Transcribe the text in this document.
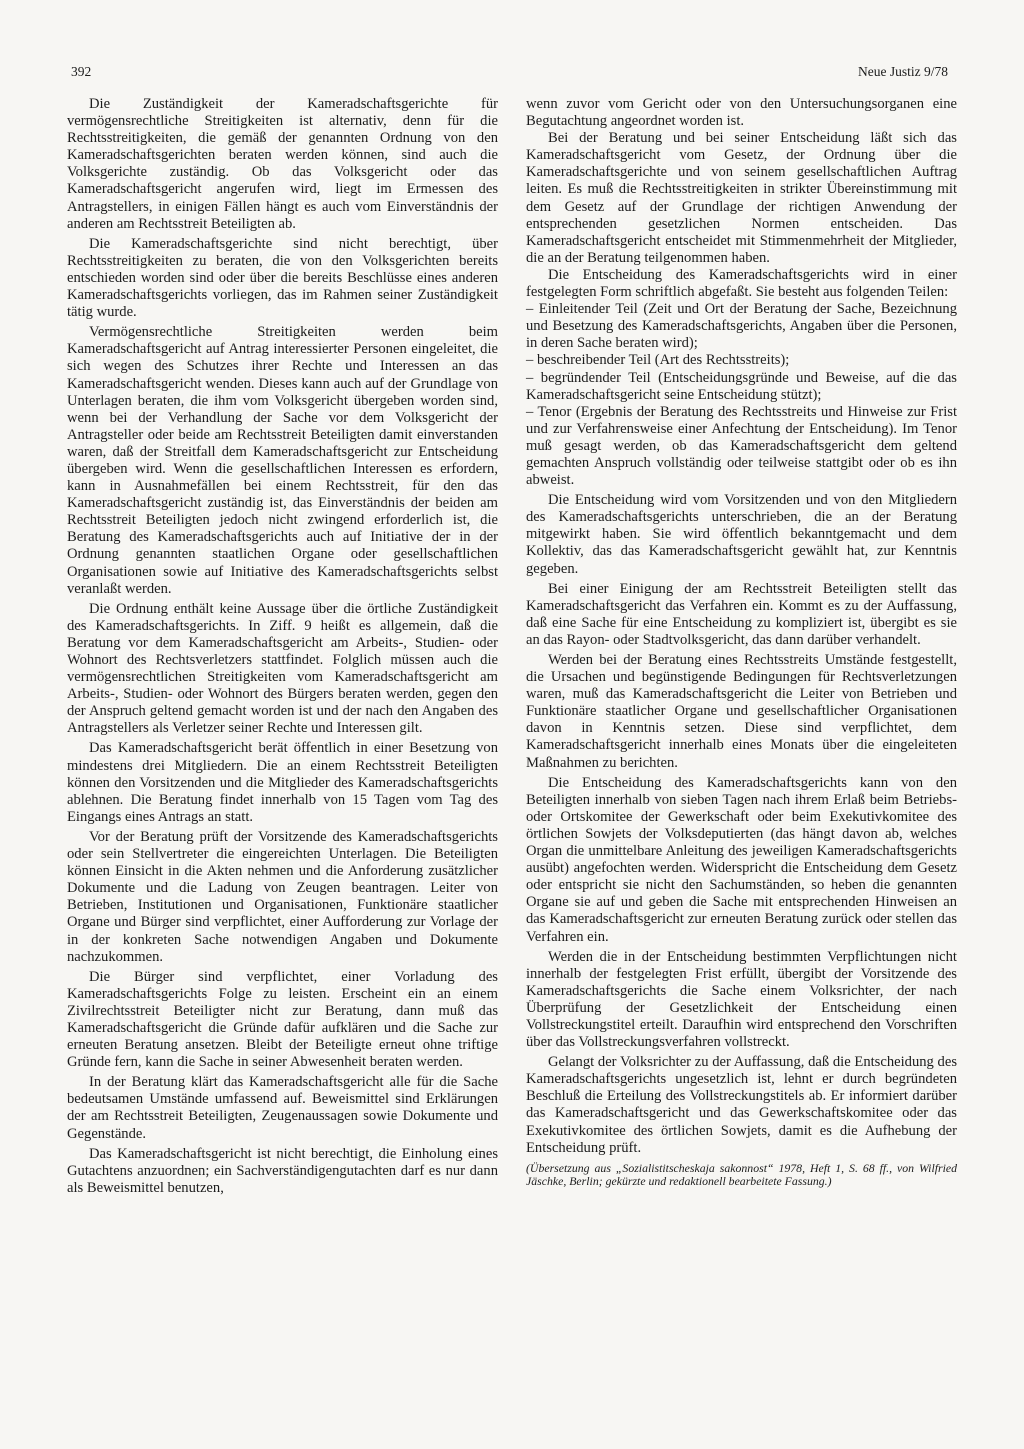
392	Neue Justiz 9/78

Die Zuständigkeit der Kameradschaftsgerichte für vermögensrechtliche Streitigkeiten ist alternativ, denn für die Rechtsstreitigkeiten, die gemäß der genannten Ordnung von den Kameradschaftsgerichten beraten werden können, sind auch die Volksgerichte zuständig. Ob das Volksgericht oder das Kameradschaftsgericht angerufen wird, liegt im Ermessen des Antragstellers, in einigen Fällen hängt es auch vom Einverständnis der anderen am Rechtsstreit Beteiligten ab.

Die Kameradschaftsgerichte sind nicht berechtigt, über Rechtsstreitigkeiten zu beraten, die von den Volksgerichten bereits entschieden worden sind oder über die bereits Beschlüsse eines anderen Kameradschaftsgerichts vorliegen, das im Rahmen seiner Zuständigkeit tätig wurde.

Vermögensrechtliche Streitigkeiten werden beim Kameradschaftsgericht auf Antrag interessierter Personen eingeleitet, die sich wegen des Schutzes ihrer Rechte und Interessen an das Kameradschaftsgericht wenden. Dieses kann auch auf der Grundlage von Unterlagen beraten, die ihm vom Volksgericht übergeben worden sind, wenn bei der Verhandlung der Sache vor dem Volksgericht der Antragsteller oder beide am Rechtsstreit Beteiligten damit einverstanden waren, daß der Streitfall dem Kameradschaftsgericht zur Entscheidung übergeben wird. Wenn die gesellschaftlichen Interessen es erfordern, kann in Ausnahmefällen bei einem Rechtsstreit, für den das Kameradschaftsgericht zuständig ist, das Einverständnis der beiden am Rechtsstreit Beteiligten jedoch nicht zwingend erforderlich ist, die Beratung des Kameradschaftsgerichts auch auf Initiative der in der Ordnung genannten staatlichen Organe oder gesellschaftlichen Organisationen sowie auf Initiative des Kameradschaftsgerichts selbst veranlaßt werden.

Die Ordnung enthält keine Aussage über die örtliche Zuständigkeit des Kameradschaftsgerichts. In Ziff. 9 heißt es allgemein, daß die Beratung vor dem Kameradschaftsgericht am Arbeits-, Studien- oder Wohnort des Rechtsverletzers stattfindet. Folglich müssen auch die vermögensrechtlichen Streitigkeiten vom Kameradschaftsgericht am Arbeits-, Studien- oder Wohnort des Bürgers beraten werden, gegen den der Anspruch geltend gemacht worden ist und der nach den Angaben des Antragstellers als Verletzer seiner Rechte und Interessen gilt.

Das Kameradschaftsgericht berät öffentlich in einer Besetzung von mindestens drei Mitgliedern. Die an einem Rechtsstreit Beteiligten können den Vorsitzenden und die Mitglieder des Kameradschaftsgerichts ablehnen. Die Beratung findet innerhalb von 15 Tagen vom Tag des Eingangs eines Antrags an statt.

Vor der Beratung prüft der Vorsitzende des Kameradschaftsgerichts oder sein Stellvertreter die eingereichten Unterlagen. Die Beteiligten können Einsicht in die Akten nehmen und die Anforderung zusätzlicher Dokumente und die Ladung von Zeugen beantragen. Leiter von Betrieben, Institutionen und Organisationen, Funktionäre staatlicher Organe und Bürger sind verpflichtet, einer Aufforderung zur Vorlage der in der konkreten Sache notwendigen Angaben und Dokumente nachzukommen.

Die Bürger sind verpflichtet, einer Vorladung des Kameradschaftsgerichts Folge zu leisten. Erscheint ein an einem Zivilrechtsstreit Beteiligter nicht zur Beratung, dann muß das Kameradschaftsgericht die Gründe dafür aufklären und die Sache zur erneuten Beratung ansetzen. Bleibt der Beteiligte erneut ohne triftige Gründe fern, kann die Sache in seiner Abwesenheit beraten werden.

In der Beratung klärt das Kameradschaftsgericht alle für die Sache bedeutsamen Umstände umfassend auf. Beweismittel sind Erklärungen der am Rechtsstreit Beteiligten, Zeugenaussagen sowie Dokumente und Gegenstände.

Das Kameradschaftsgericht ist nicht berechtigt, die Einholung eines Gutachtens anzuordnen; ein Sachverständigengutachten darf es nur dann als Beweismittel benutzen,

wenn zuvor vom Gericht oder von den Untersuchungsorganen eine Begutachtung angeordnet worden ist.

Bei der Beratung und bei seiner Entscheidung läßt sich das Kameradschaftsgericht vom Gesetz, der Ordnung über die Kameradschaftsgerichte und von seinem gesellschaftlichen Auftrag leiten. Es muß die Rechtsstreitigkeiten in strikter Übereinstimmung mit dem Gesetz auf der Grundlage der richtigen Anwendung der entsprechenden gesetzlichen Normen entscheiden. Das Kameradschaftsgericht entscheidet mit Stimmenmehrheit der Mitglieder, die an der Beratung teilgenommen haben.

Die Entscheidung des Kameradschaftsgerichts wird in einer festgelegten Form schriftlich abgefaßt. Sie besteht aus folgenden Teilen:

– Einleitender Teil (Zeit und Ort der Beratung der Sache, Bezeichnung und Besetzung des Kameradschaftsgerichts, Angaben über die Personen, in deren Sache beraten wird);

– beschreibender Teil (Art des Rechtsstreits);

– begründender Teil (Entscheidungsgründe und Beweise, auf die das Kameradschaftsgericht seine Entscheidung stützt);

– Tenor (Ergebnis der Beratung des Rechtsstreits und Hinweise zur Frist und zur Verfahrensweise einer Anfechtung der Entscheidung). Im Tenor muß gesagt werden, ob das Kameradschaftsgericht dem geltend gemachten Anspruch vollständig oder teilweise stattgibt oder ob es ihn abweist.

Die Entscheidung wird vom Vorsitzenden und von den Mitgliedern des Kameradschaftsgerichts unterschrieben, die an der Beratung mitgewirkt haben. Sie wird öffentlich bekanntgemacht und dem Kollektiv, das das Kameradschaftsgericht gewählt hat, zur Kenntnis gegeben.

Bei einer Einigung der am Rechtsstreit Beteiligten stellt das Kameradschaftsgericht das Verfahren ein. Kommt es zu der Auffassung, daß eine Sache für eine Entscheidung zu kompliziert ist, übergibt es sie an das Rayon- oder Stadtvolksgericht, das dann darüber verhandelt.

Werden bei der Beratung eines Rechtsstreits Umstände festgestellt, die Ursachen und begünstigende Bedingungen für Rechtsverletzungen waren, muß das Kameradschaftsgericht die Leiter von Betrieben und Funktionäre staatlicher Organe und gesellschaftlicher Organisationen davon in Kenntnis setzen. Diese sind verpflichtet, dem Kameradschaftsgericht innerhalb eines Monats über die eingeleiteten Maßnahmen zu berichten.

Die Entscheidung des Kameradschaftsgerichts kann von den Beteiligten innerhalb von sieben Tagen nach ihrem Erlaß beim Betriebs- oder Ortskomitee der Gewerkschaft oder beim Exekutivkomitee des örtlichen Sowjets der Volksdeputierten (das hängt davon ab, welches Organ die unmittelbare Anleitung des jeweiligen Kameradschaftsgerichts ausübt) angefochten werden. Widerspricht die Entscheidung dem Gesetz oder entspricht sie nicht den Sachumständen, so heben die genannten Organe sie auf und geben die Sache mit entsprechenden Hinweisen an das Kameradschaftsgericht zur erneuten Beratung zurück oder stellen das Verfahren ein.

Werden die in der Entscheidung bestimmten Verpflichtungen nicht innerhalb der festgelegten Frist erfüllt, übergibt der Vorsitzende des Kameradschaftsgerichts die Sache einem Volksrichter, der nach Überprüfung der Gesetzlichkeit der Entscheidung einen Vollstreckungstitel erteilt. Daraufhin wird entsprechend den Vorschriften über das Vollstreckungsverfahren vollstreckt.

Gelangt der Volksrichter zu der Auffassung, daß die Entscheidung des Kameradschaftsgerichts ungesetzlich ist, lehnt er durch begründeten Beschluß die Erteilung des Vollstreckungstitels ab. Er informiert darüber das Kameradschaftsgericht und das Gewerkschaftskomitee oder das Exekutivkomitee des örtlichen Sowjets, damit es die Aufhebung der Entscheidung prüft.

(Übersetzung aus „Sozialistitscheskaja sakonnost“ 1978, Heft 1, S. 68 ff., von Wilfried Jäschke, Berlin; gekürzte und redaktionell bearbeitete Fassung.)
